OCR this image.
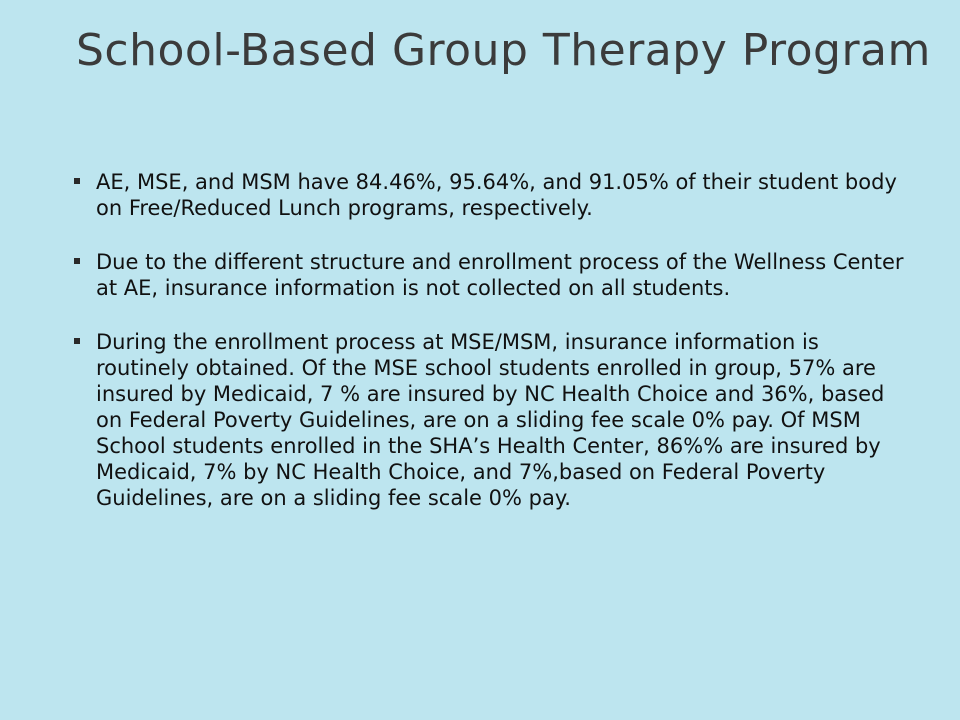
School-Based Group Therapy Program
AE, MSE, and MSM have 84.46%, 95.64%, and 91.05% of their student body on Free/Reduced Lunch programs, respectively.
Due to the different structure and enrollment process of the Wellness Center at AE, insurance information is not collected on all students.
During the enrollment process at MSE/MSM, insurance information is routinely obtained. Of the MSE school students enrolled in group, 57% are insured by Medicaid, 7 % are insured by NC Health Choice and 36%, based on Federal Poverty Guidelines, are on a sliding fee scale 0% pay. Of MSM School students enrolled in the SHA’s Health Center, 86%% are insured by Medicaid, 7% by NC Health Choice, and 7%,based on Federal Poverty Guidelines, are on a sliding fee scale 0% pay.
